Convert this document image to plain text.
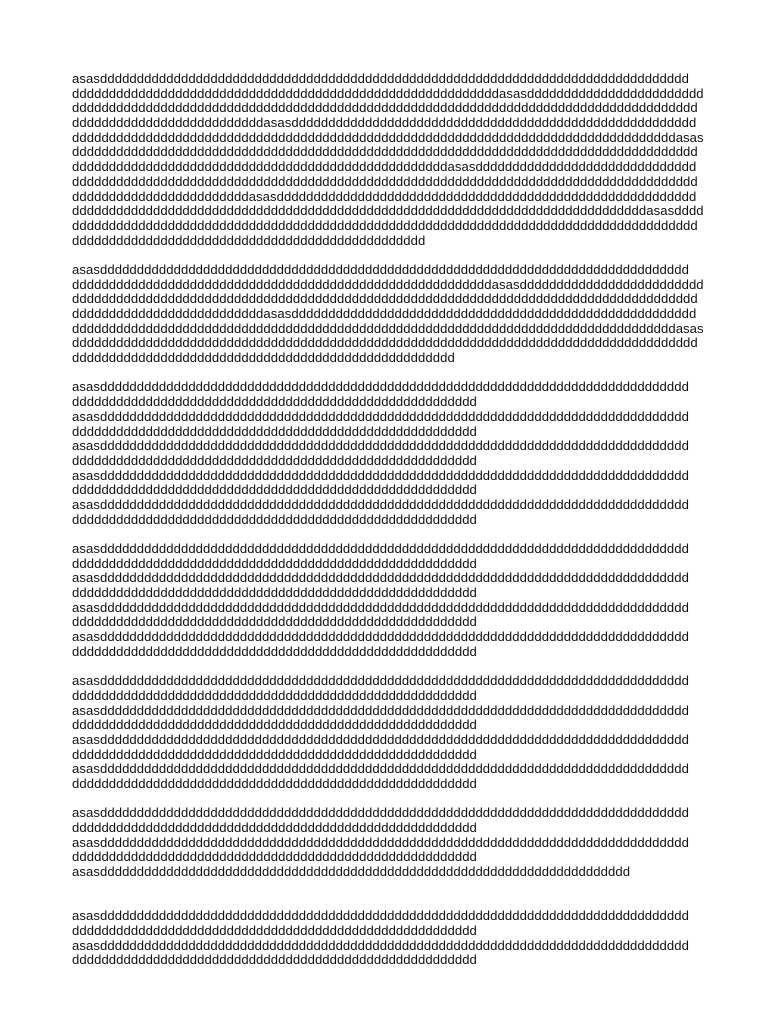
asasdddddddddddddddddddddddddddddddddddddddddddddddddddddddddddddddddddddddddddddddd
ddddddddddddddddddddddddddddddddddddddddddddddddddddddddddasasdddddddddddddddddddddddd
ddddddddddddddddddddddddddddddddddddddddddddddddddddddddddddddddddddddddddddddddddddd
ddddddddddddddddddddddddddasasddddddddddddddddddddddddddddddddddddddddddddddddddddddd
ddddddddddddddddddddddddddddddddddddddddddddddddddddddddddddddddddddddddddddddddddasas
ddddddddddddddddddddddddddddddddddddddddddddddddddddddddddddddddddddddddddddddddddddd
dddddddddddddddddddddddddddddddddddddddddddddddddddasasdddddddddddddddddddddddddddddd
ddddddddddddddddddddddddddddddddddddddddddddddddddddddddddddddddddddddddddddddddddddd
ddddddddddddddddddddddddasasddddddddddddddddddddddddddddddddddddddddddddddddddddddddd
ddddddddddddddddddddddddddddddddddddddddddddddddddddddddddddddddddddddddddddddasasdddd
ddddddddddddddddddddddddddddddddddddddddddddddddddddddddddddddddddddddddddddddddddddd
dddddddddddddddddddddddddddddddddddddddddddddddd
asasdddddddddddddddddddddddddddddddddddddddddddddddddddddddddddddddddddddddddddddddd
dddddddddddddddddddddddddddddddddddddddddddddddddddddddddasasddddddddddddddddddddddddd
ddddddddddddddddddddddddddddddddddddddddddddddddddddddddddddddddddddddddddddddddddddd
ddddddddddddddddddddddddddasasddddddddddddddddddddddddddddddddddddddddddddddddddddddd
ddddddddddddddddddddddddddddddddddddddddddddddddddddddddddddddddddddddddddddddddddasas
ddddddddddddddddddddddddddddddddddddddddddddddddddddddddddddddddddddddddddddddddddddd
dddddddddddddddddddddddddddddddddddddddddddddddddddd
asasdddddddddddddddddddddddddddddddddddddddddddddddddddddddddddddddddddddddddddddddd
ddddddddddddddddddddddddddddddddddddddddddddddddddddddd
asasdddddddddddddddddddddddddddddddddddddddddddddddddddddddddddddddddddddddddddddddd
ddddddddddddddddddddddddddddddddddddddddddddddddddddddd
asasdddddddddddddddddddddddddddddddddddddddddddddddddddddddddddddddddddddddddddddddd
ddddddddddddddddddddddddddddddddddddddddddddddddddddddd
asasdddddddddddddddddddddddddddddddddddddddddddddddddddddddddddddddddddddddddddddddd
ddddddddddddddddddddddddddddddddddddddddddddddddddddddd
asasdddddddddddddddddddddddddddddddddddddddddddddddddddddddddddddddddddddddddddddddd
ddddddddddddddddddddddddddddddddddddddddddddddddddddddd
asasdddddddddddddddddddddddddddddddddddddddddddddddddddddddddddddddddddddddddddddddd
ddddddddddddddddddddddddddddddddddddddddddddddddddddddd
asasdddddddddddddddddddddddddddddddddddddddddddddddddddddddddddddddddddddddddddddddd
ddddddddddddddddddddddddddddddddddddddddddddddddddddddd
asasdddddddddddddddddddddddddddddddddddddddddddddddddddddddddddddddddddddddddddddddd
ddddddddddddddddddddddddddddddddddddddddddddddddddddddd
asasdddddddddddddddddddddddddddddddddddddddddddddddddddddddddddddddddddddddddddddddd
ddddddddddddddddddddddddddddddddddddddddddddddddddddddd
asasdddddddddddddddddddddddddddddddddddddddddddddddddddddddddddddddddddddddddddddddd
ddddddddddddddddddddddddddddddddddddddddddddddddddddddd
asasdddddddddddddddddddddddddddddddddddddddddddddddddddddddddddddddddddddddddddddddd
ddddddddddddddddddddddddddddddddddddddddddddddddddddddd
asasdddddddddddddddddddddddddddddddddddddddddddddddddddddddddddddddddddddddddddddddd
ddddddddddddddddddddddddddddddddddddddddddddddddddddddd
asasdddddddddddddddddddddddddddddddddddddddddddddddddddddddddddddddddddddddddddddddd
ddddddddddddddddddddddddddddddddddddddddddddddddddddddd
asasdddddddddddddddddddddddddddddddddddddddddddddddddddddddddddddddddddddddddddddddd
ddddddddddddddddddddddddddddddddddddddddddddddddddddddd
asasdddddddddddddddddddddddddddddddddddddddddddddddddddddddddddddddddddddddddddddddd
ddddddddddddddddddddddddddddddddddddddddddddddddddddddd
asasdddddddddddddddddddddddddddddddddddddddddddddddddddddddddddddddddddddddd
asasdddddddddddddddddddddddddddddddddddddddddddddddddddddddddddddddddddddddddddddddd
ddddddddddddddddddddddddddddddddddddddddddddddddddddddd
asasdddddddddddddddddddddddddddddddddddddddddddddddddddddddddddddddddddddddddddddddd
ddddddddddddddddddddddddddddddddddddddddddddddddddddddd
